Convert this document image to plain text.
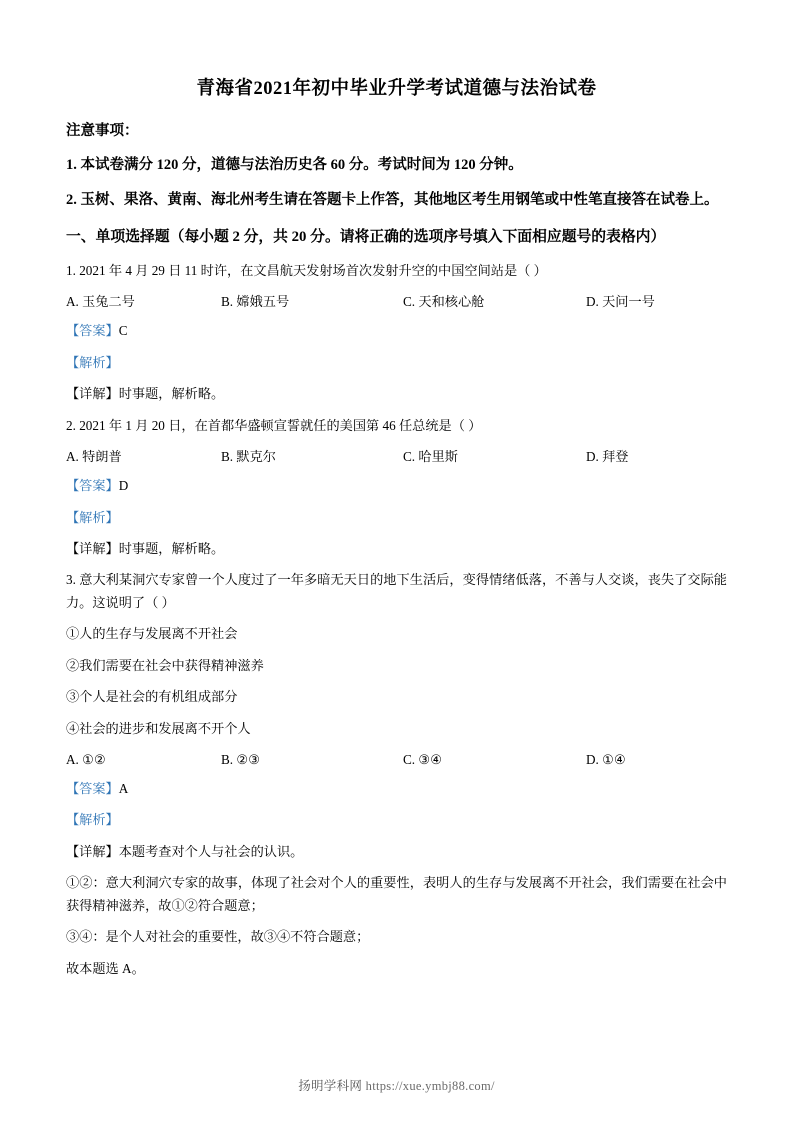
青海省2021年初中毕业升学考试道德与法治试卷

注意事项：

1. 本试卷满分 120 分，道德与法治历史各 60 分。考试时间为 120 分钟。

2. 玉树、果洛、黄南、海北州考生请在答题卡上作答，其他地区考生用钢笔或中性笔直接答在试卷上。

一、单项选择题（每小题 2 分，共 20 分。请将正确的选项序号填入下面相应题号的表格内）

1. 2021 年 4 月 29 日 11 时许，在文昌航天发射场首次发射升空的中国空间站是（ ）

A. 玉兔二号	B. 嫦娥五号	C. 天和核心舱	D. 天问一号

【答案】C

【解析】

【详解】时事题，解析略。

2. 2021 年 1 月 20 日，在首都华盛顿宣誓就任的美国第 46 任总统是（ ）

A. 特朗普	B. 默克尔	C. 哈里斯	D. 拜登

【答案】D

【解析】

【详解】时事题，解析略。

3. 意大利某洞穴专家曾一个人度过了一年多暗无天日的地下生活后，变得情绪低落，不善与人交谈，丧失了交际能力。这说明了（ ）

①人的生存与发展离不开社会

②我们需要在社会中获得精神滋养

③个人是社会的有机组成部分

④社会的进步和发展离不开个人

A. ①②	B. ②③	C. ③④	D. ①④

【答案】A

【解析】

【详解】本题考查对个人与社会的认识。

①②：意大利洞穴专家的故事，体现了社会对个人的重要性，表明人的生存与发展离不开社会，我们需要在社会中获得精神滋养，故①②符合题意；

③④：是个人对社会的重要性，故③④不符合题意；

故本题选 A。

扬明学科网 https://xue.ymbj88.com/
